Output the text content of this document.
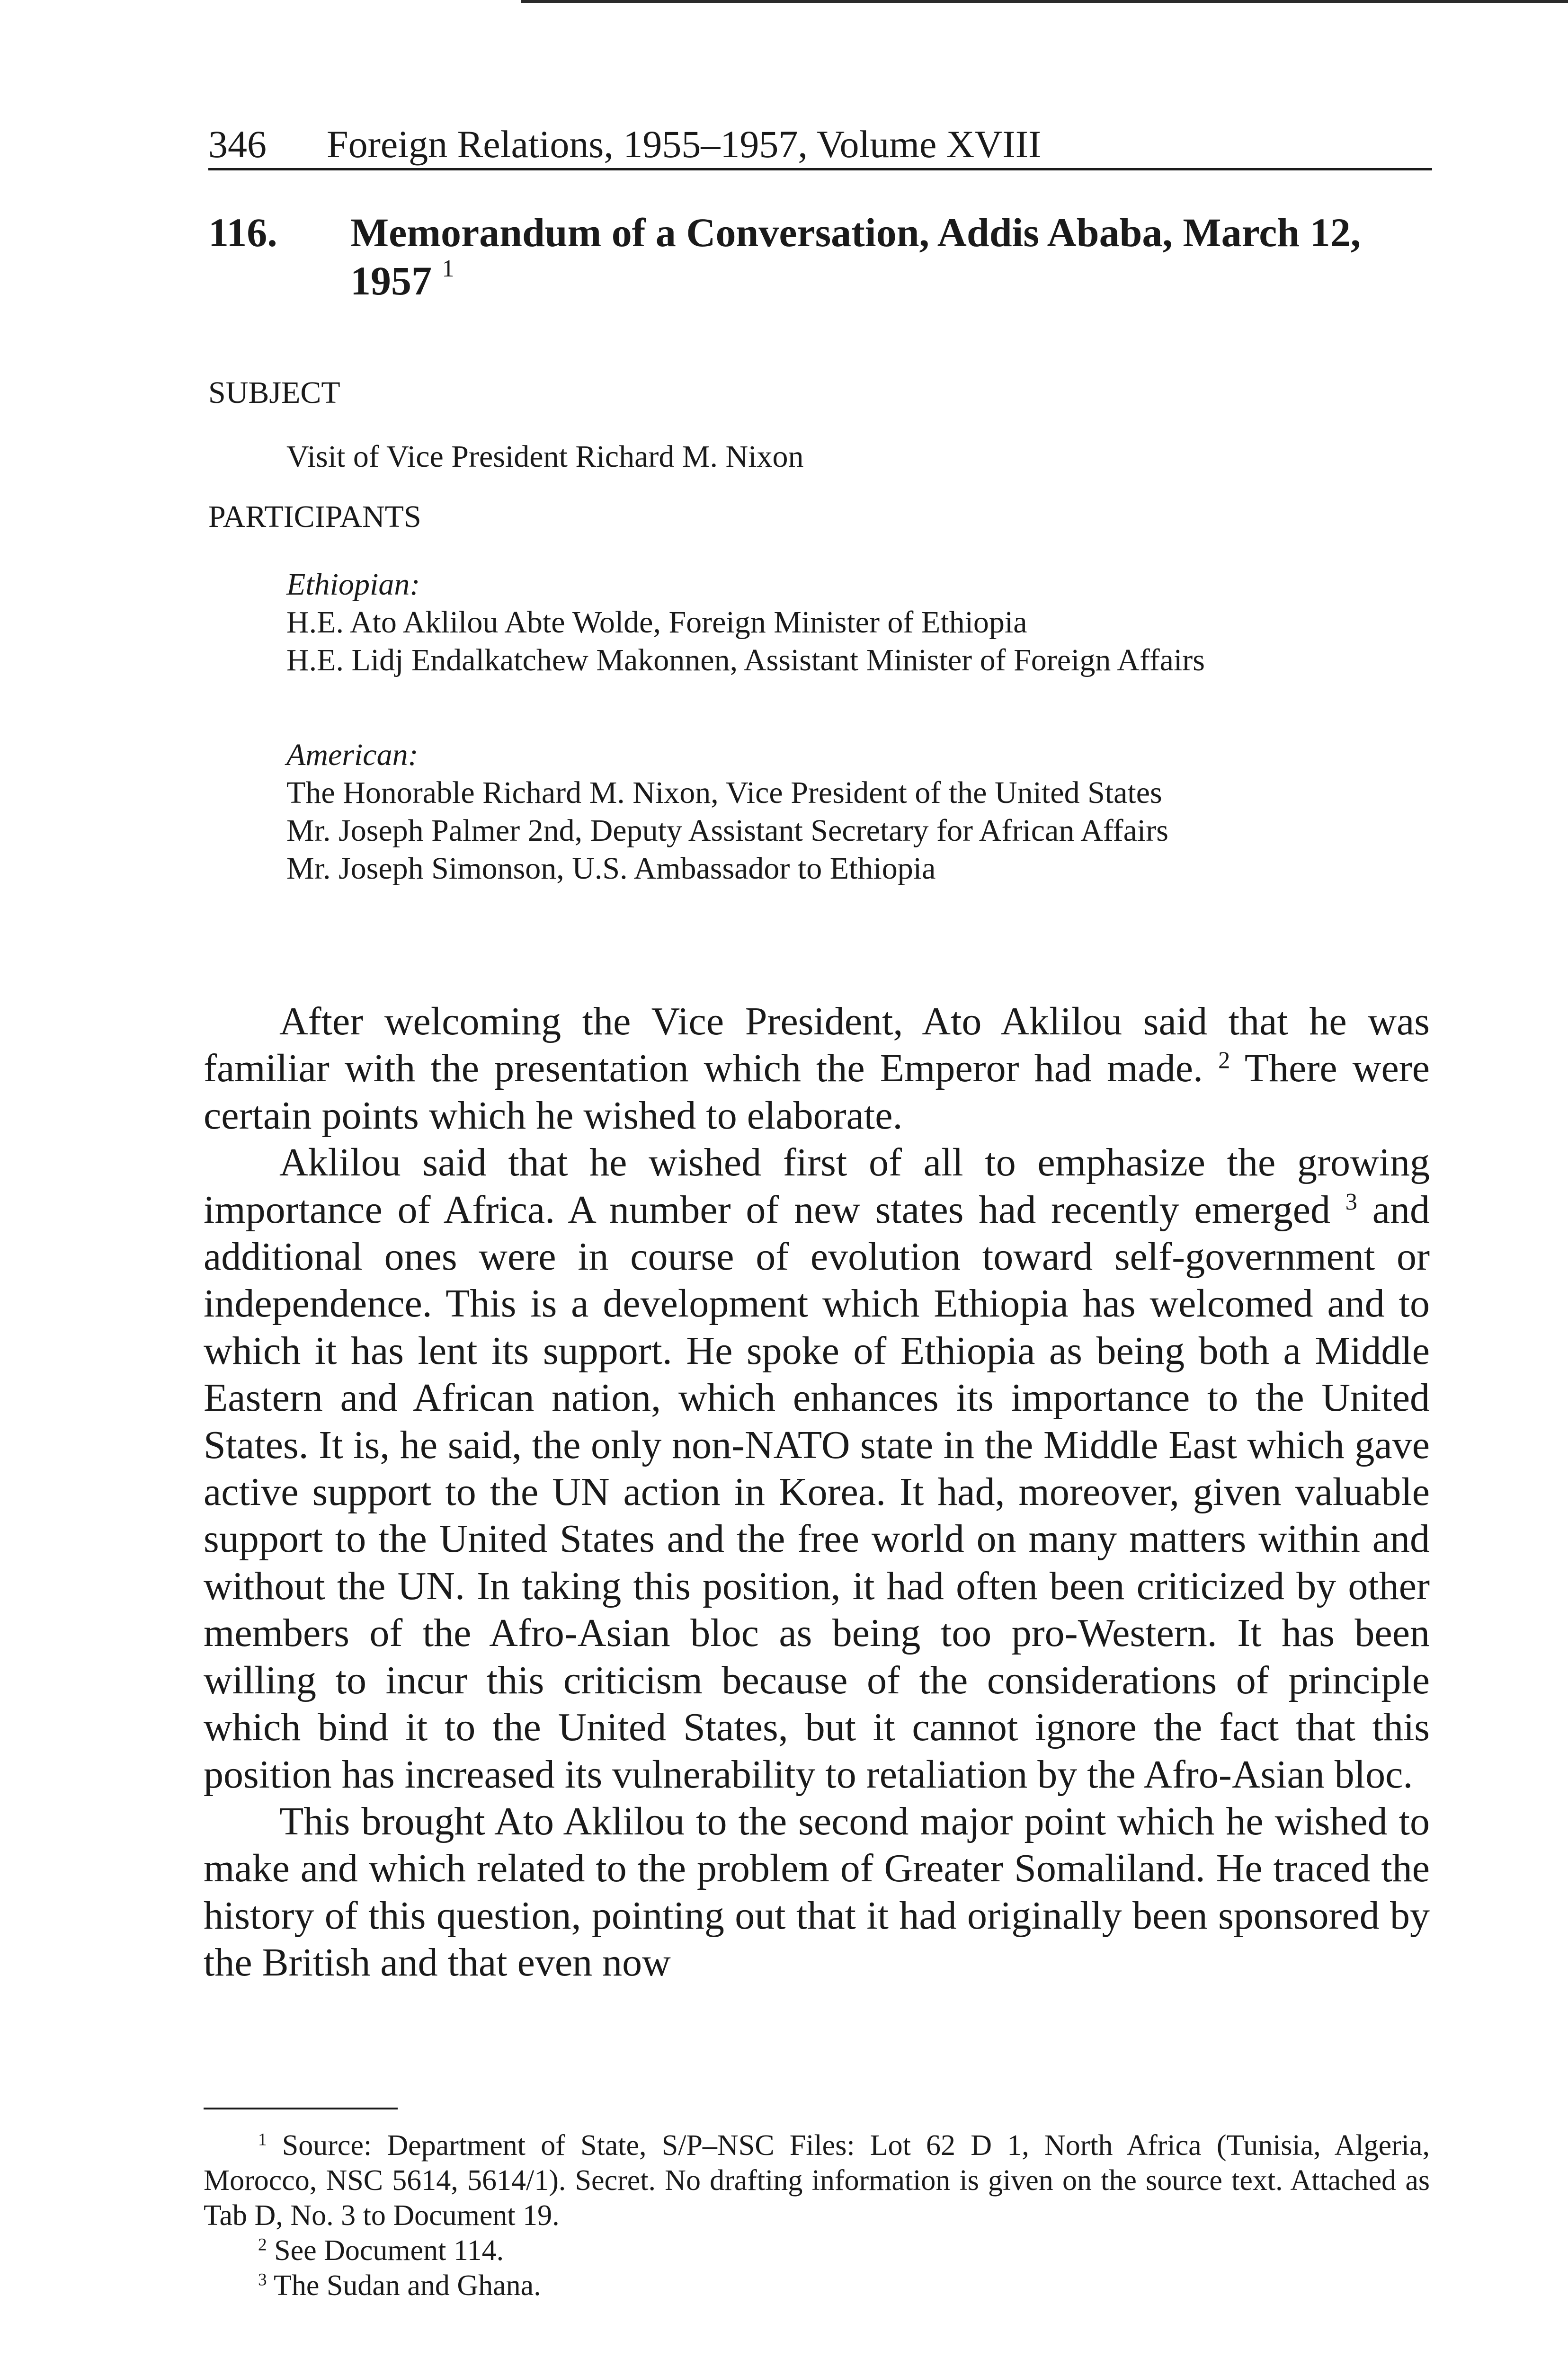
346 Foreign Relations, 1955–1957, Volume XVIII
116. Memorandum of a Conversation, Addis Ababa, March 12, 1957 $^1$
SUBJECT
Visit of Vice President Richard M. Nixon
PARTICIPANTS
Ethiopian:
H.E. Ato Aklilou Abte Wolde, Foreign Minister of Ethiopia
H.E. Lidj Endalkatchew Makonnen, Assistant Minister of Foreign Affairs
American:
The Honorable Richard M. Nixon, Vice President of the United States
Mr. Joseph Palmer 2nd, Deputy Assistant Secretary for African Affairs
Mr. Joseph Simonson, U.S. Ambassador to Ethiopia

After welcoming the Vice President, Ato Aklilou said that he was familiar with the presentation which the Emperor had made. $^2$ There were certain points which he wished to elaborate.

Aklilou said that he wished first of all to emphasize the growing importance of Africa. A number of new states had recently emerged $^3$ and additional ones were in course of evolution toward self-government or independence. This is a development which Ethiopia has welcomed and to which it has lent its support. He spoke of Ethiopia as being both a Middle Eastern and African nation, which enhances its importance to the United States. It is, he said, the only non-NATO state in the Middle East which gave active support to the UN action in Korea. It had, moreover, given valuable support to the United States and the free world on many matters within and without the UN. In taking this position, it had often been criticized by other members of the Afro-Asian bloc as being too pro-Western. It has been willing to incur this criticism because of the considerations of principle which bind it to the United States, but it cannot ignore the fact that this position has increased its vulnerability to retaliation by the Afro-Asian bloc.

This brought Ato Aklilou to the second major point which he wished to make and which related to the problem of Greater Somaliland. He traced the history of this question, pointing out that it had originally been sponsored by the British and that even now

$^1$ Source: Department of State, S/P–NSC Files: Lot 62 D 1, North Africa (Tunisia, Algeria, Morocco, NSC 5614, 5614/1). Secret. No drafting information is given on the source text. Attached as Tab D, No. 3 to Document 19.

$^2$ See Document 114.

$^3$ The Sudan and Ghana.
